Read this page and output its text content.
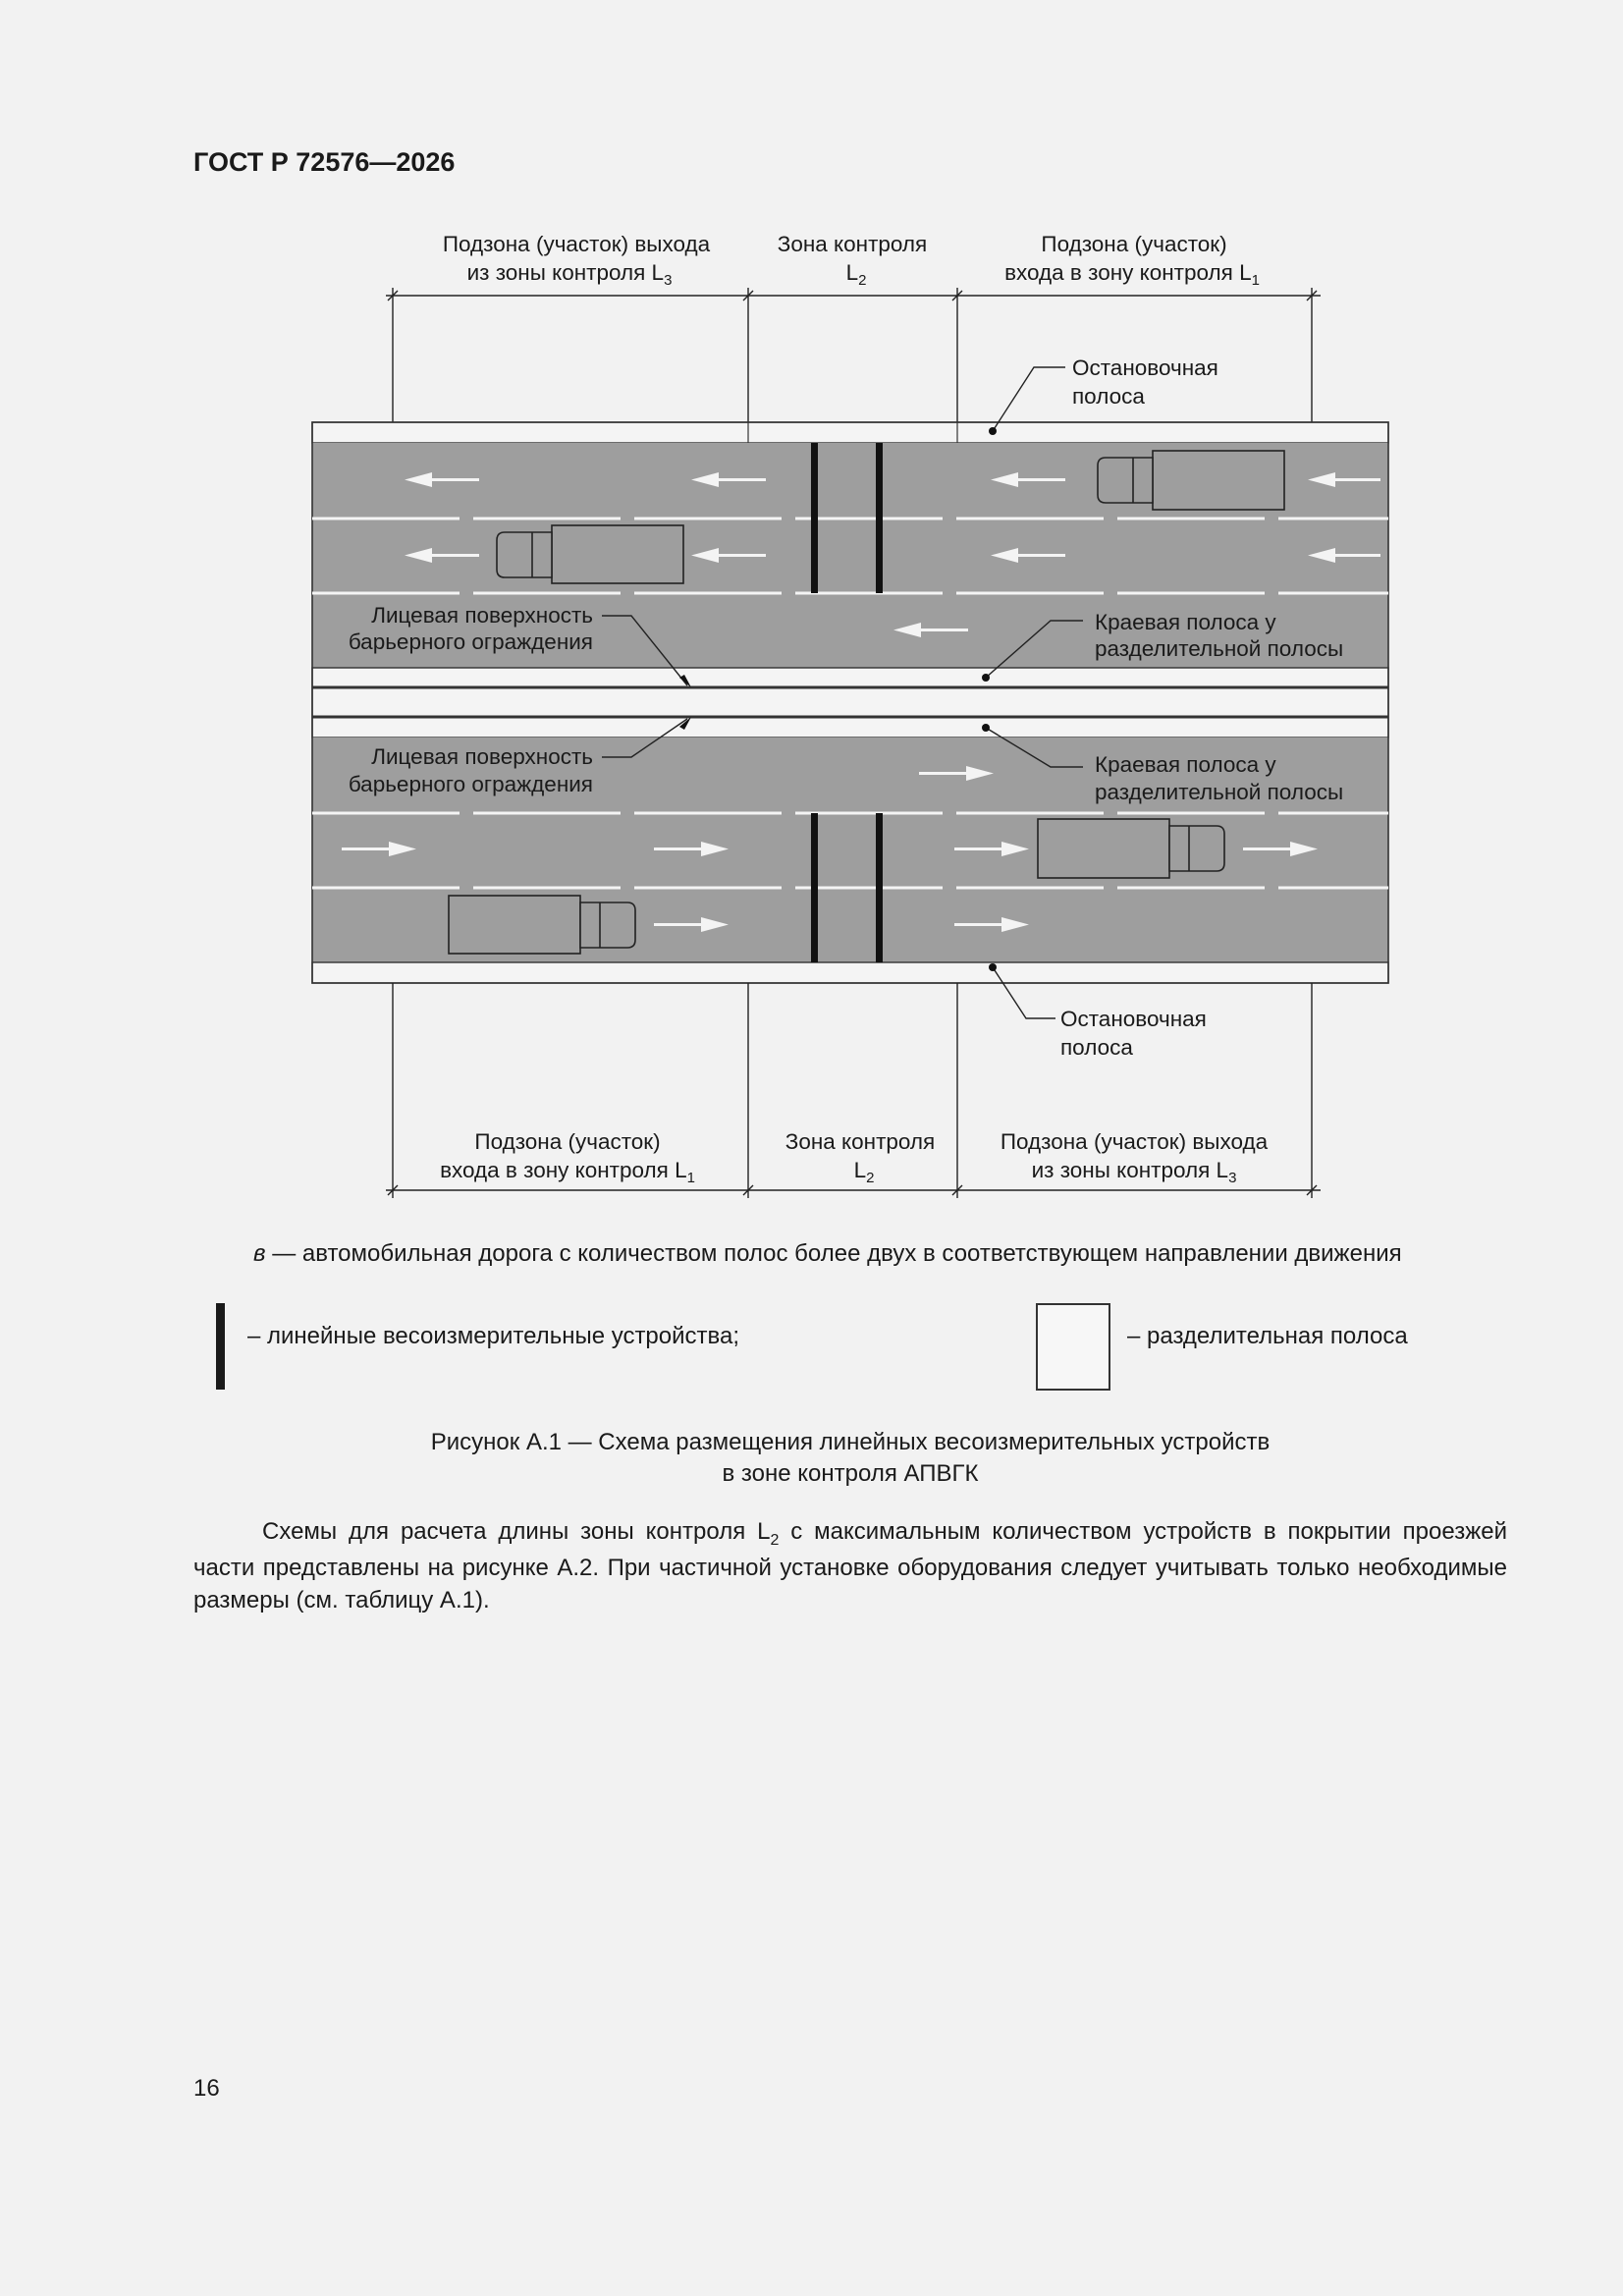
ГОСТ Р 72576—2026
Подзона (участок) выхода
из зоны контроля $L_3$
Зона контроля
$L_2$
Подзона (участок)
входа в зону контроля $L_1$
Остановочная
полоса
Краевая полоса у
разделительной полосы
Краевая полоса у
разделительной полосы
Лицевая поверхность
барьерного ограждения
Лицевая поверхность
барьерного ограждения
Остановочная
полоса
Подзона (участок)
входа в зону контроля $L_1$
Зона контроля
$L_2$
Подзона (участок) выхода
из зоны контроля $L_3$
в — автомобильная дорога с количеством полос более двух в соответствующем направлении движения
– линейные весоизмерительные устройства;	– разделительная полоса
Рисунок А.1 — Схема размещения линейных весоизмерительных устройств
в зоне контроля АПВГК
Схемы для расчета длины зоны контроля $L_2$ с максимальным количеством устройств в покрытии проезжей части представлены на рисунке А.2. При частичной установке оборудования следует учитывать только необходимые размеры (см. таблицу А.1).
16
